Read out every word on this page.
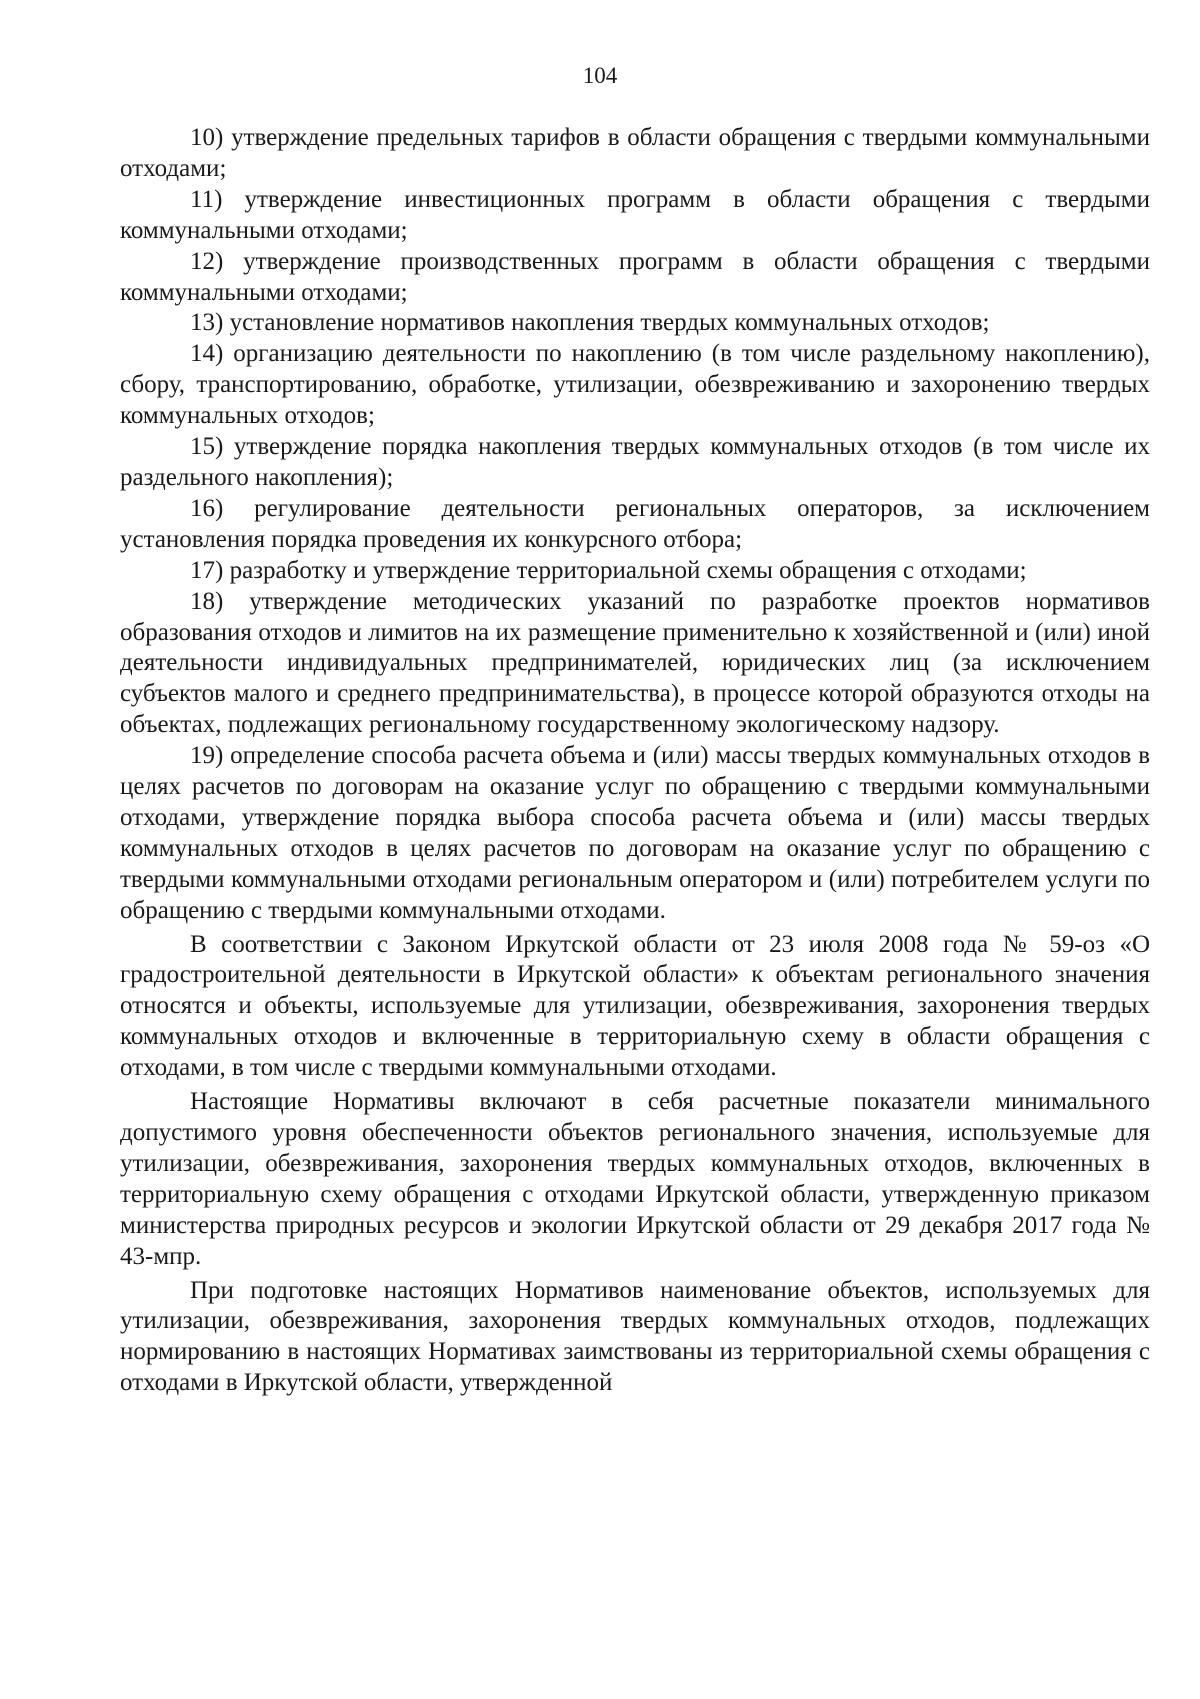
104

10) утверждение предельных тарифов в области обращения с твердыми коммунальными отходами;

11) утверждение инвестиционных программ в области обращения с твердыми коммунальными отходами;

12) утверждение производственных программ в области обращения с твердыми коммунальными отходами;

13) установление нормативов накопления твердых коммунальных отходов;

14) организацию деятельности по накоплению (в том числе раздельному накоплению), сбору, транспортированию, обработке, утилизации, обезвреживанию и захоронению твердых коммунальных отходов;

15) утверждение порядка накопления твердых коммунальных отходов (в том числе их раздельного накопления);

16) регулирование деятельности региональных операторов, за исключением установления порядка проведения их конкурсного отбора;

17) разработку и утверждение территориальной схемы обращения с отходами;

18) утверждение методических указаний по разработке проектов нормативов образования отходов и лимитов на их размещение применительно к хозяйственной и (или) иной деятельности индивидуальных предпринимателей, юридических лиц (за исключением субъектов малого и среднего предпринимательства), в процессе которой образуются отходы на объектах, подлежащих региональному государственному экологическому надзору.

19) определение способа расчета объема и (или) массы твердых коммунальных отходов в целях расчетов по договорам на оказание услуг по обращению с твердыми коммунальными отходами, утверждение порядка выбора способа расчета объема и (или) массы твердых коммунальных отходов в целях расчетов по договорам на оказание услуг по обращению с твердыми коммунальными отходами региональным оператором и (или) потребителем услуги по обращению с твердыми коммунальными отходами.

В соответствии с Законом Иркутской области от 23 июля 2008 года № 59-оз «О градостроительной деятельности в Иркутской области» к объектам регионального значения относятся и объекты, используемые для утилизации, обезвреживания, захоронения твердых коммунальных отходов и включенные в территориальную схему в области обращения с отходами, в том числе с твердыми коммунальными отходами.

Настоящие Нормативы включают в себя расчетные показатели минимального допустимого уровня обеспеченности объектов регионального значения, используемые для утилизации, обезвреживания, захоронения твердых коммунальных отходов, включенных в территориальную схему обращения с отходами Иркутской области, утвержденную приказом министерства природных ресурсов и экологии Иркутской области от 29 декабря 2017 года № 43-мпр.

При подготовке настоящих Нормативов наименование объектов, используемых для утилизации, обезвреживания, захоронения твердых коммунальных отходов, подлежащих нормированию в настоящих Нормативах заимствованы из территориальной схемы обращения с отходами в Иркутской области, утвержденной
